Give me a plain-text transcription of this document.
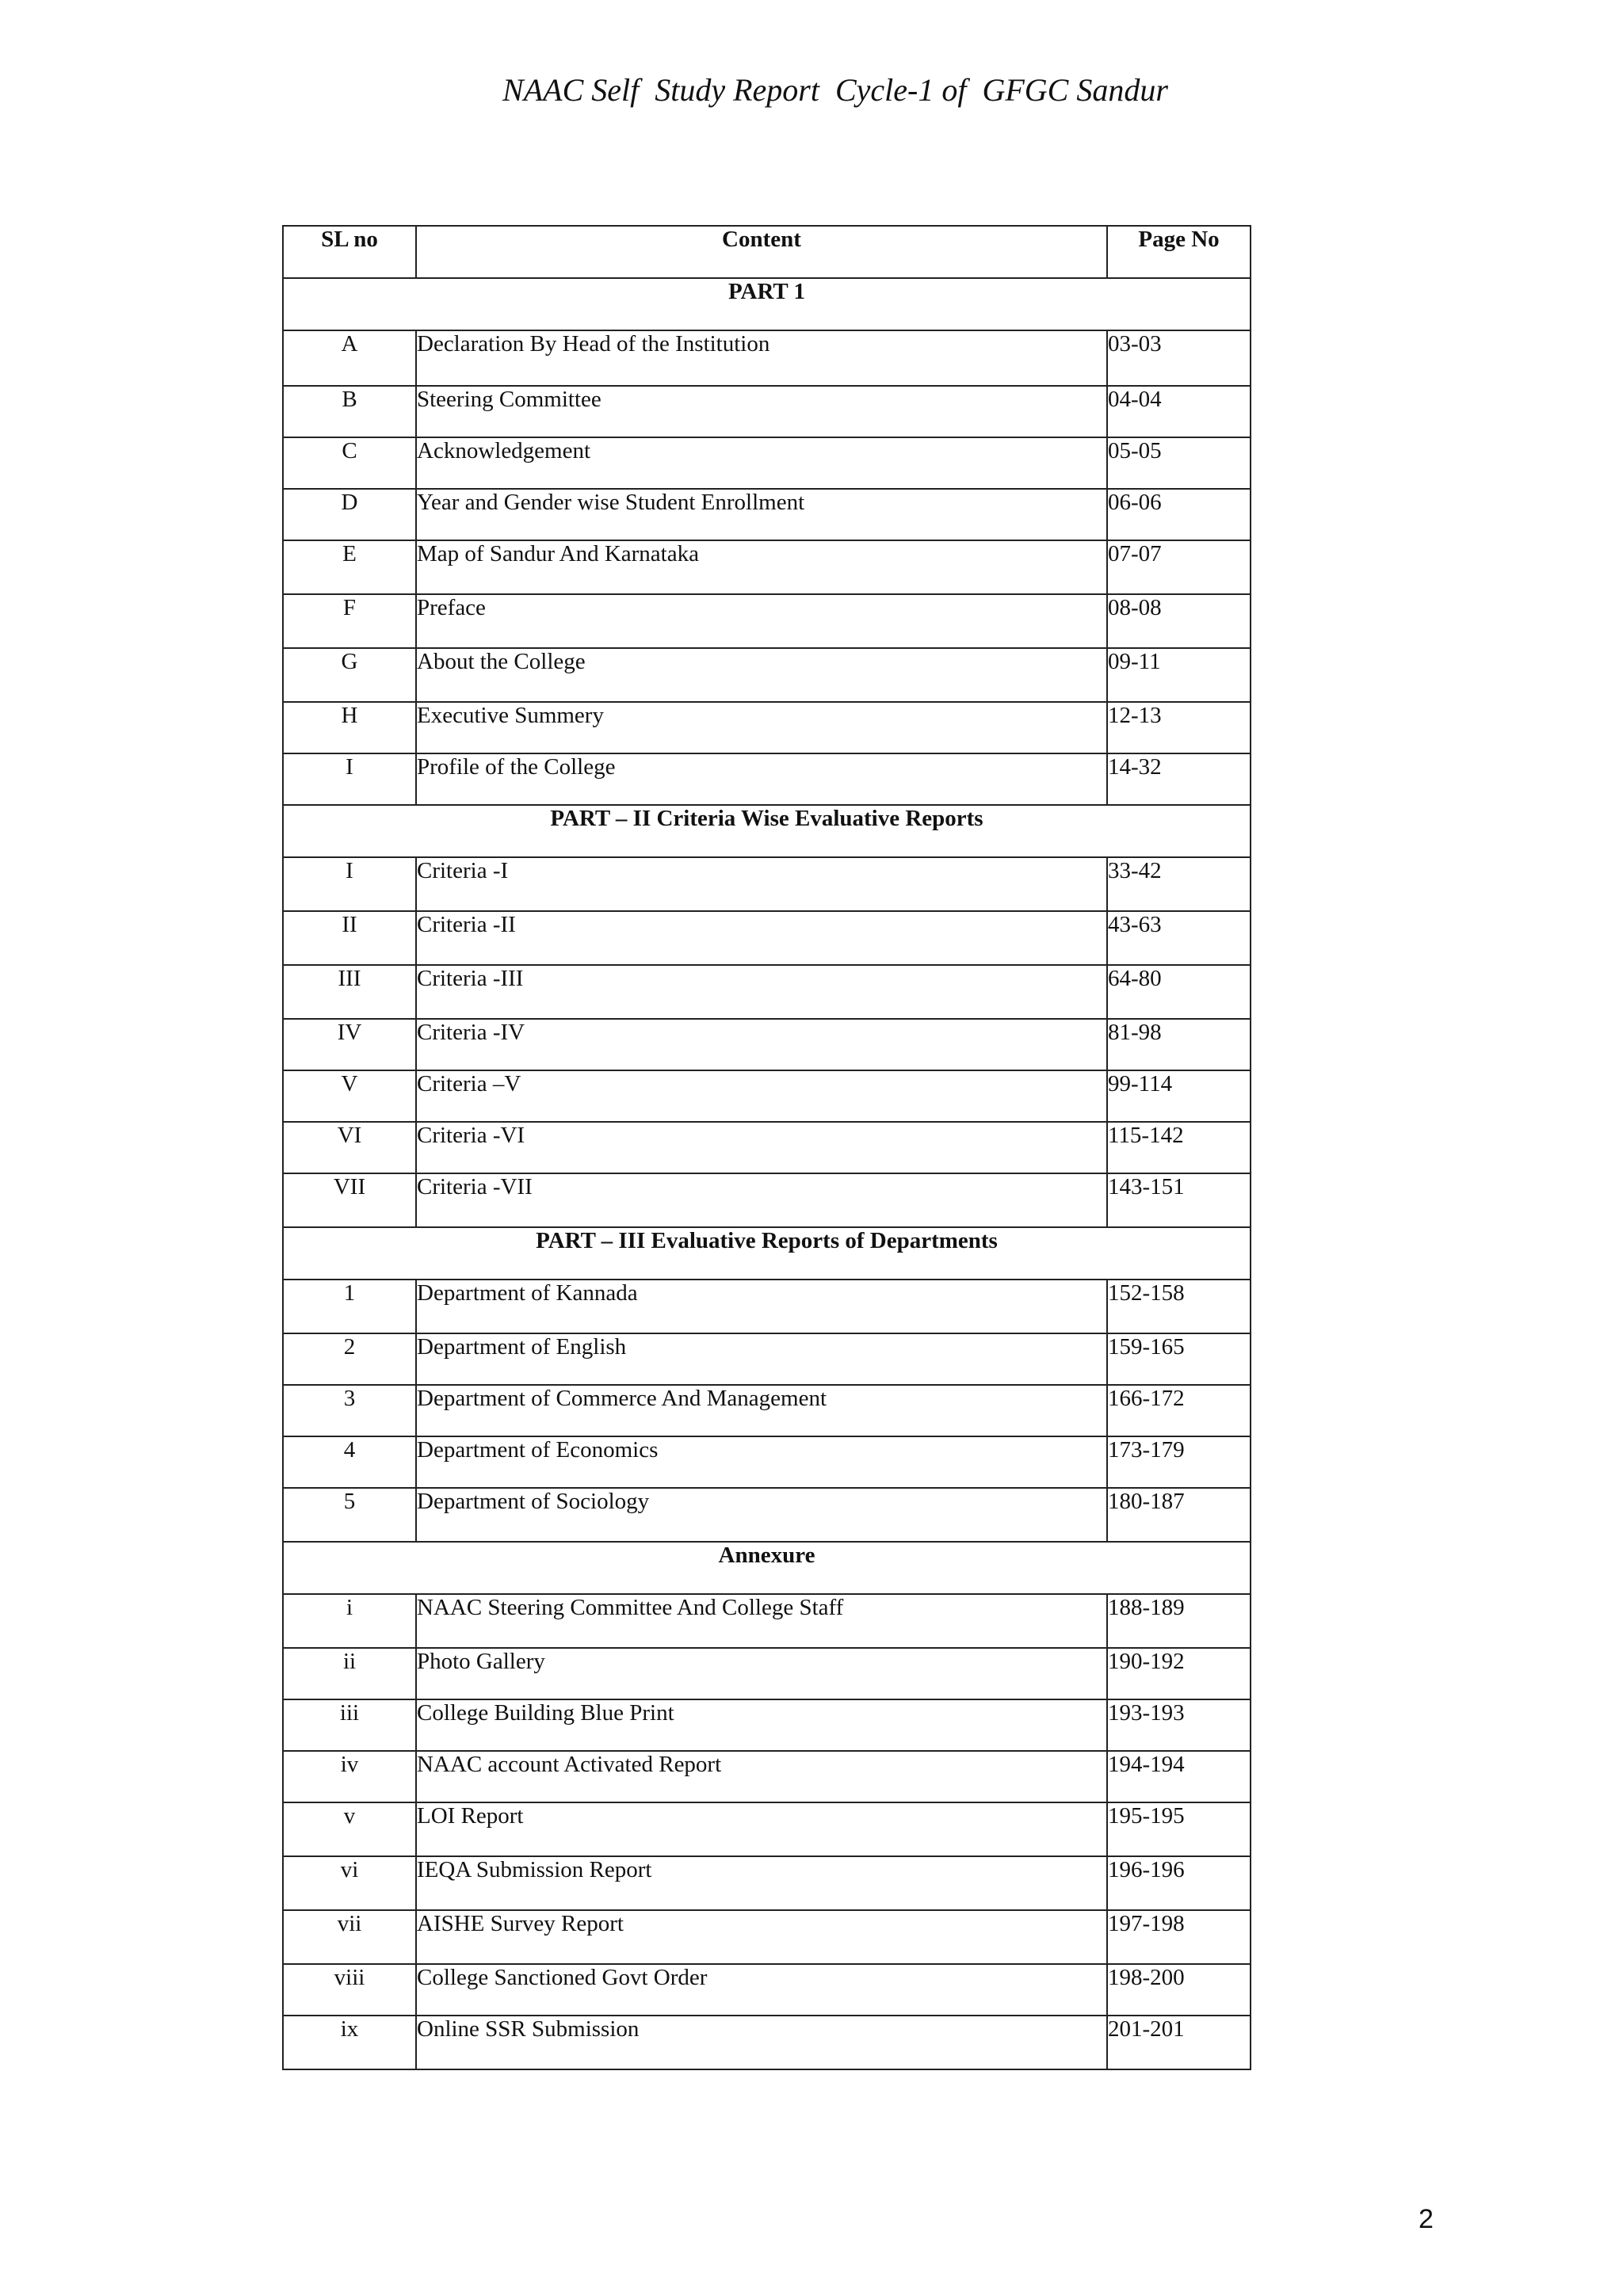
NAAC Self  Study Report  Cycle-1 of  GFGC Sandur
SL no	Content	Page No
PART 1		
A	Declaration By Head of the Institution	03-03
B	Steering Committee	04-04
C	Acknowledgement	05-05
D	Year and Gender wise Student Enrollment	06-06
E	Map of Sandur And Karnataka	07-07
F	Preface	08-08
G	About the College	09-11
H	Executive Summery	12-13
I	Profile of the College	14-32
PART – II Criteria Wise Evaluative Reports		
I	Criteria -I	33-42
II	Criteria -II	43-63
III	Criteria -III	64-80
IV	Criteria -IV	81-98
V	Criteria –V	99-114
VI	Criteria -VI	115-142
VII	Criteria -VII	143-151
PART – III Evaluative Reports of Departments		
1	Department of Kannada	152-158
2	Department of English	159-165
3	Department of Commerce And Management	166-172
4	Department of Economics	173-179
5	Department of Sociology	180-187
Annexure		
i	NAAC Steering Committee And College Staff	188-189
ii	Photo Gallery	190-192
iii	College Building Blue Print	193-193
iv	NAAC account Activated Report	194-194
v	LOI Report	195-195
vi	IEQA Submission Report	196-196
vii	AISHE Survey Report	197-198
viii	College Sanctioned Govt Order	198-200
ix	Online SSR Submission	201-201
2
